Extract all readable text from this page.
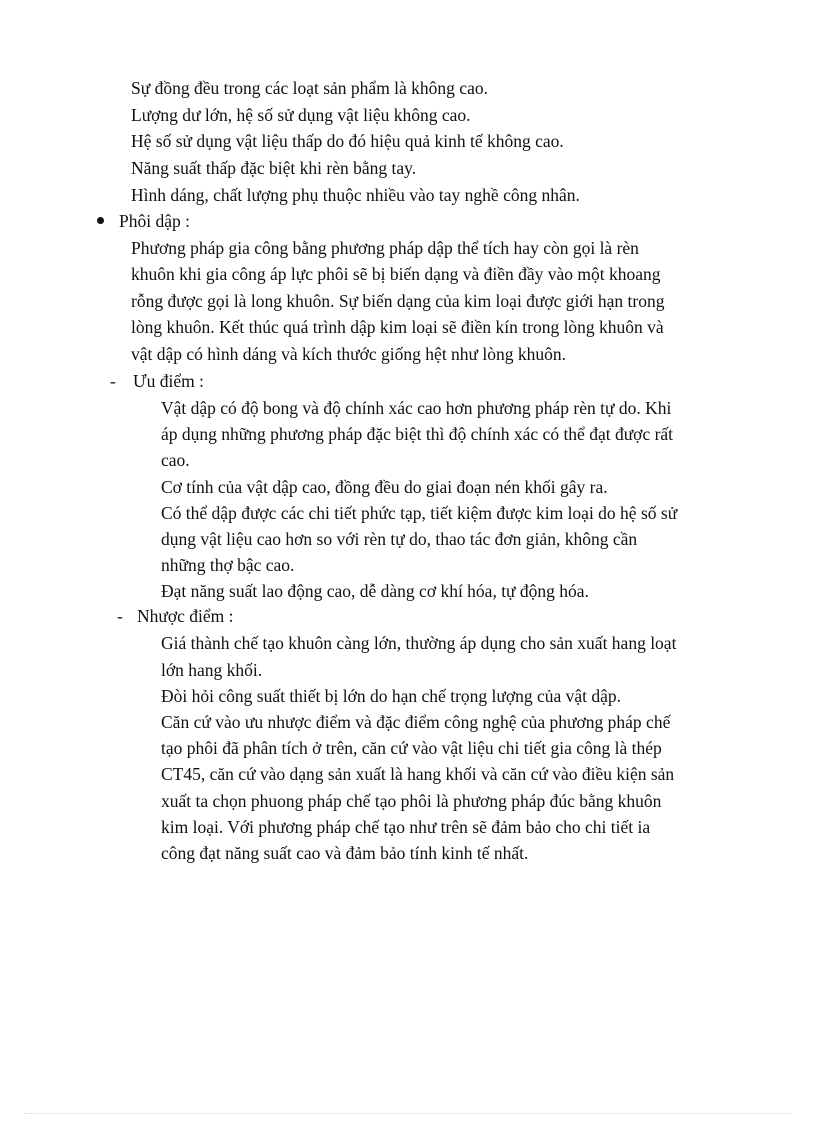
Sự đồng đều trong các loạt sản phẩm là không cao.
Lượng dư lớn, hệ số sử dụng vật liệu không cao.
Hệ số sử dụng vật liệu thấp do đó hiệu quả kinh tế không cao.
Năng suất thấp đặc biệt khi rèn bằng tay.
Hình dáng, chất lượng phụ thuộc nhiều vào tay nghề công nhân.
Phôi dập :
Phương pháp gia công bằng phương pháp dập thể tích hay còn gọi là rèn
khuôn khi gia công áp lực phôi sẽ bị biến dạng và điền đầy vào một khoang
rỗng được gọi là long khuôn. Sự biến dạng của kim loại được giới hạn trong
lòng khuôn. Kết thúc quá trình dập kim loại sẽ điền kín trong lòng khuôn và
vật dập có hình dáng và kích thước giống hệt như lòng khuôn.
- Ưu điểm :
Vật dập có độ bong và độ chính xác cao hơn phương pháp rèn tự do. Khi
áp dụng những phương pháp đặc biệt thì độ chính xác có thể đạt được rất
cao.
Cơ tính của vật dập cao, đồng đều do giai đoạn nén khối gây ra.
Có thể dập được các chi tiết phức tạp, tiết kiệm được kim loại do hệ số sử
dụng vật liệu cao hơn so với rèn tự do, thao tác đơn giản, không cần
những thợ bậc cao.
Đạt năng suất lao động cao, dễ dàng cơ khí hóa, tự động hóa.
- Nhược điểm :
Giá thành chế tạo khuôn càng lớn, thường áp dụng cho sản xuất hang loạt
lớn hang khối.
Đòi hỏi công suất thiết bị lớn do hạn chế trọng lượng của vật dập.
Căn cứ vào ưu nhược điểm và đặc điểm công nghệ của phương pháp chế
tạo phôi đã phân tích ở trên, căn cứ vào vật liệu chi tiết gia công là thép
CT45, căn cứ vào dạng sản xuất là hang khối và căn cứ vào điều kiện sản
xuất ta chọn phuong pháp chế tạo phôi là phương pháp đúc bằng khuôn
kim loại. Với phương pháp chế tạo như trên sẽ đảm bảo cho chi tiết ia
công đạt năng suất cao và đảm bảo tính kinh tế nhất.
